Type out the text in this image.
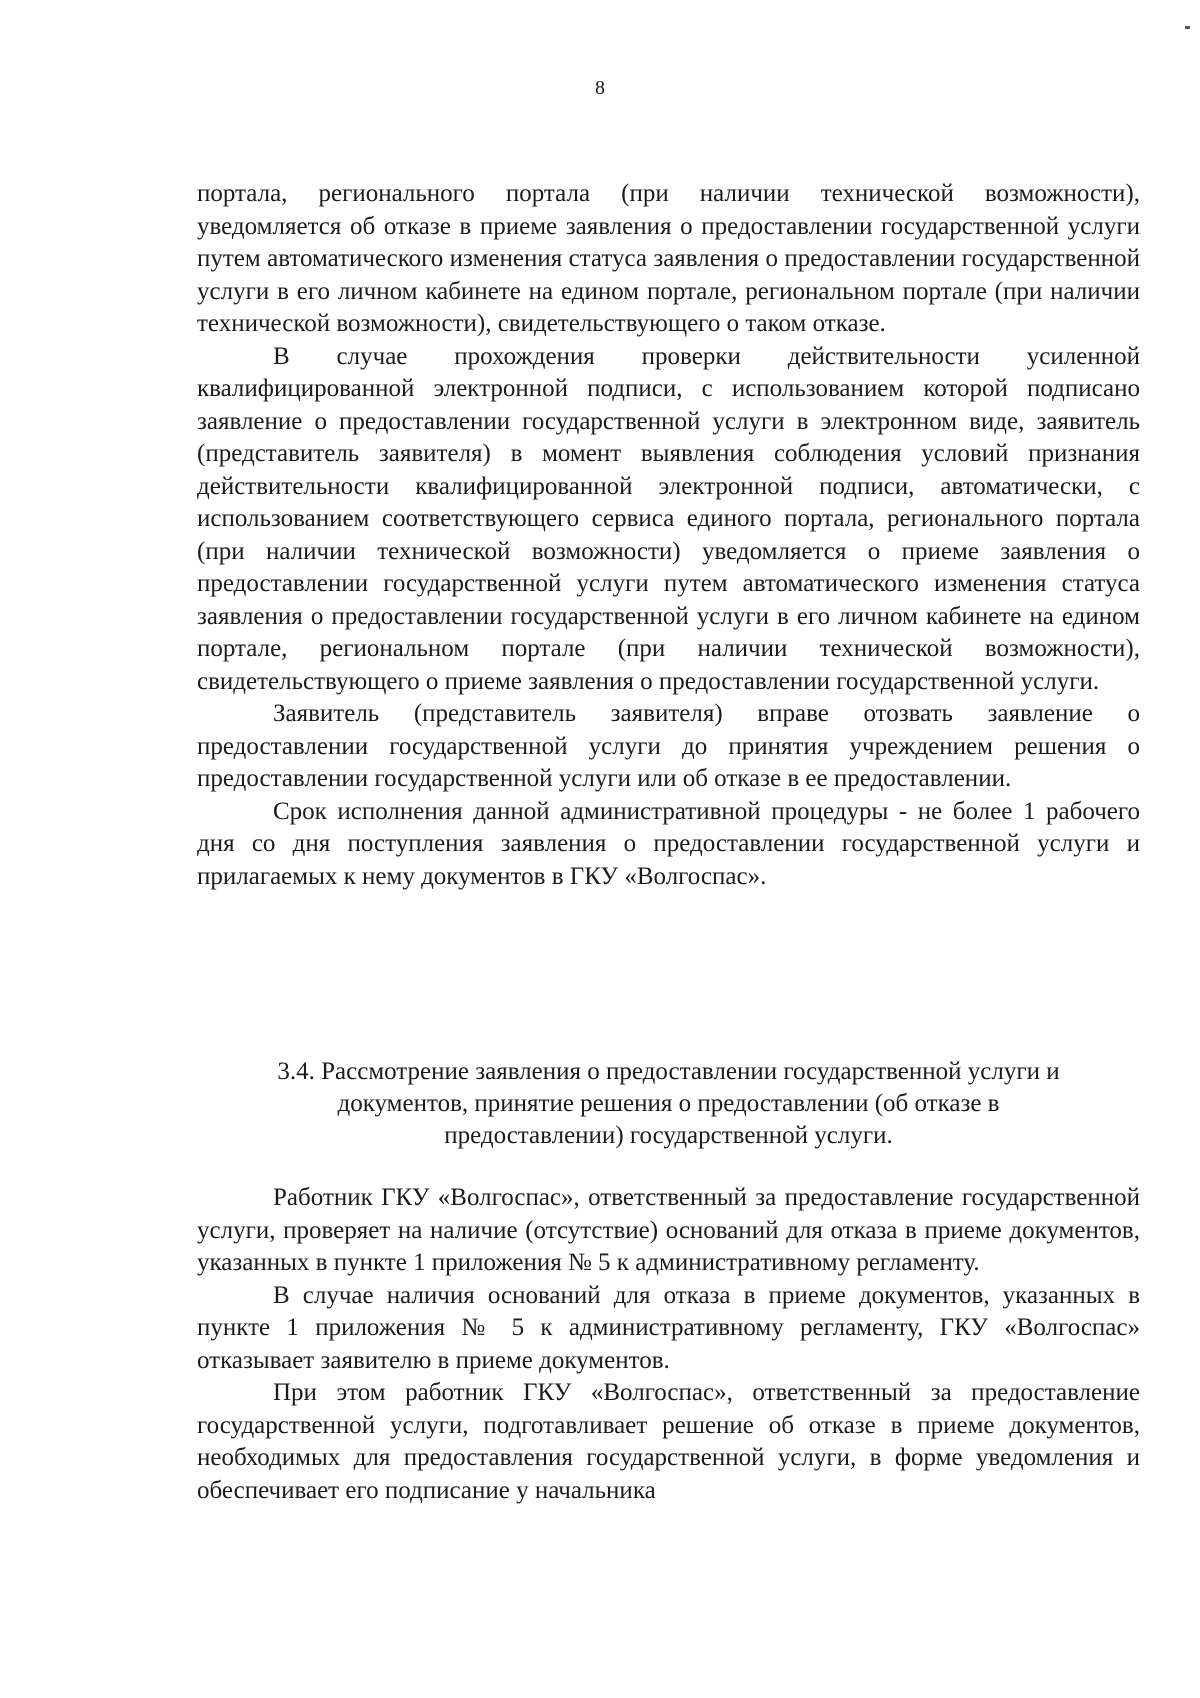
8

портала, регионального портала (при наличии технической возможности), уведомляется об отказе в приеме заявления о предоставлении государственной услуги путем автоматического изменения статуса заявления о предоставлении государственной услуги в его личном кабинете на едином портале, региональном портале (при наличии технической возможности), свидетельствующего о таком отказе.

В случае прохождения проверки действительности усиленной квалифицированной электронной подписи, с использованием которой подписано заявление о предоставлении государственной услуги в электронном виде, заявитель (представитель заявителя) в момент выявления соблюдения условий признания действительности квалифицированной электронной подписи, автоматически, с использованием соответствующего сервиса единого портала, регионального портала (при наличии технической возможности) уведомляется о приеме заявления о предоставлении государственной услуги путем автоматического изменения статуса заявления о предоставлении государственной услуги в его личном кабинете на едином портале, региональном портале (при наличии технической возможности), свидетельствующего о приеме заявления о предоставлении государственной услуги.

Заявитель (представитель заявителя) вправе отозвать заявление о предоставлении государственной услуги до принятия учреждением решения о предоставлении государственной услуги или об отказе в ее предоставлении.

Срок исполнения данной административной процедуры - не более 1 рабочего дня со дня поступления заявления о предоставлении государственной услуги и прилагаемых к нему документов в ГКУ «Волгоспас».

3.4. Рассмотрение заявления о предоставлении государственной услуги и
документов, принятие решения о предоставлении (об отказе в
предоставлении) государственной услуги.

Работник ГКУ «Волгоспас», ответственный за предоставление государственной услуги, проверяет на наличие (отсутствие) оснований для отказа в приеме документов, указанных в пункте 1 приложения № 5 к административному регламенту.

В случае наличия оснований для отказа в приеме документов, указанных в пункте 1 приложения № 5 к административному регламенту, ГКУ «Волгоспас» отказывает заявителю в приеме документов.

При этом работник ГКУ «Волгоспас», ответственный за предоставление государственной услуги, подготавливает решение об отказе в приеме документов, необходимых для предоставления государственной услуги, в форме уведомления и обеспечивает его подписание у начальника
